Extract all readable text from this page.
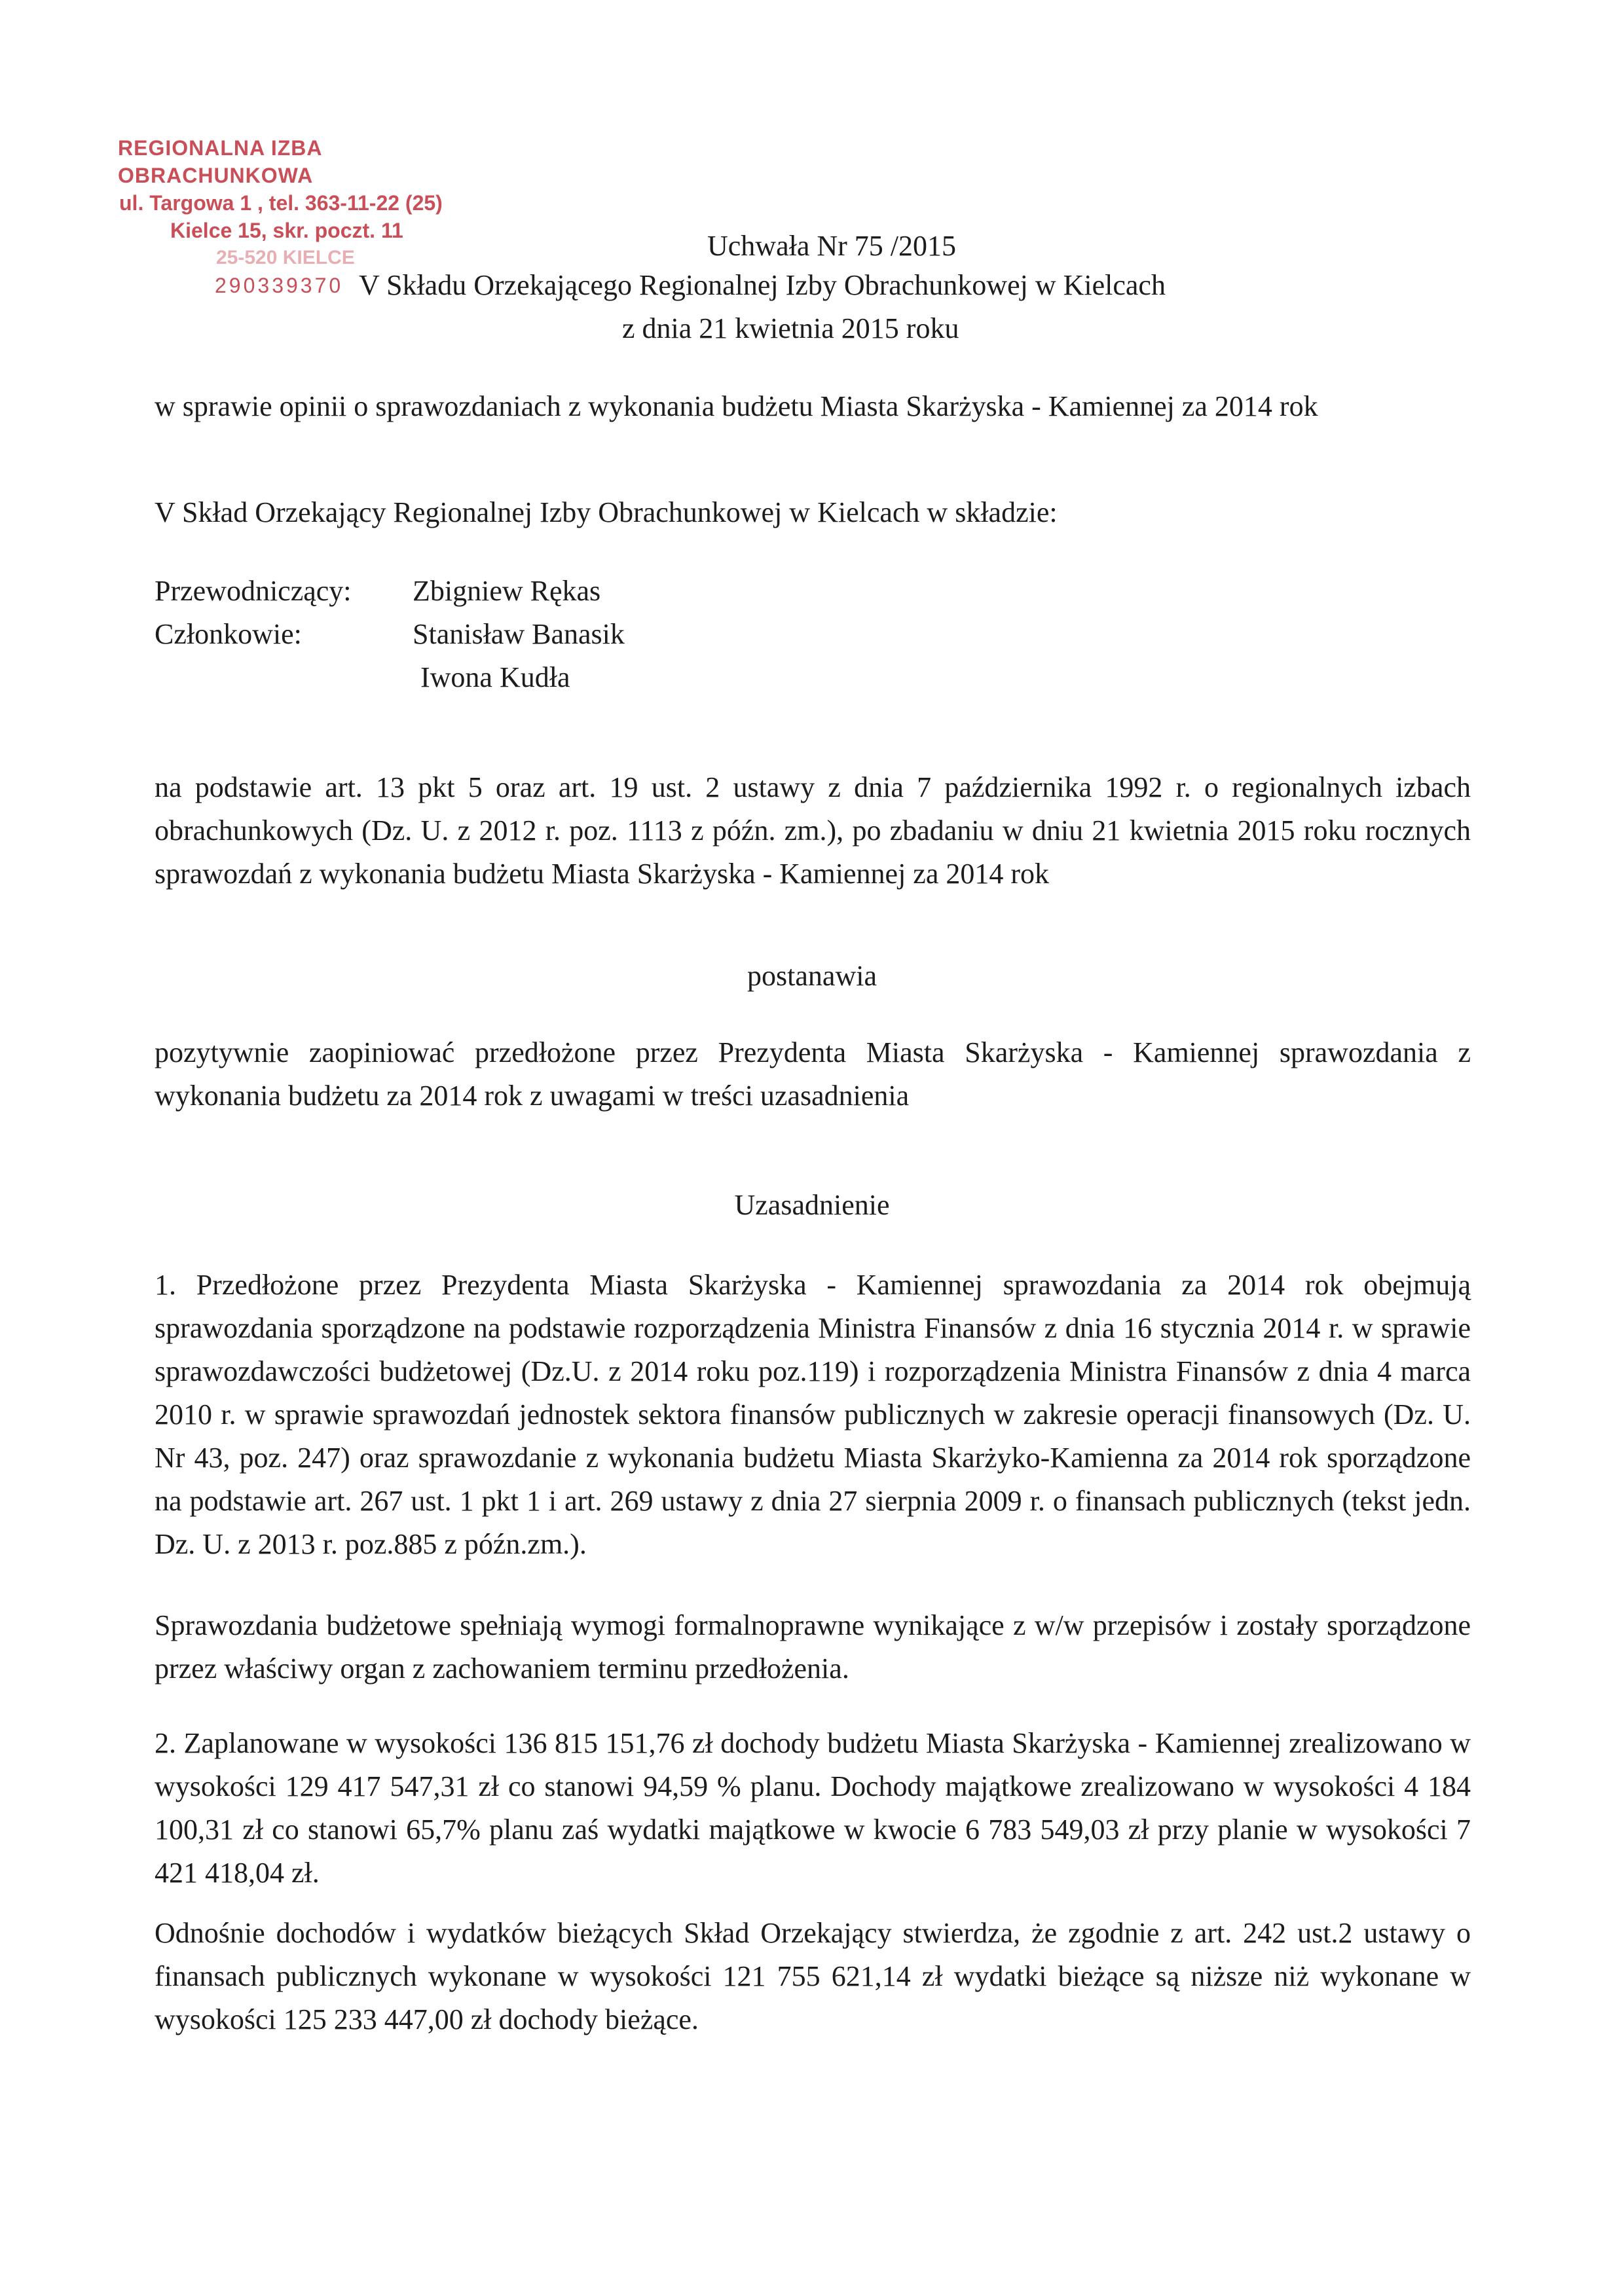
REGIONALNA IZBA OBRACHUNKOWA
ul. Targowa 1 , tel. 363-11-22 (25)
Kielce 15, skr. poczt. 11
25-520 KIELCE
290339370
Uchwała Nr 75 /2015
V Składu Orzekającego Regionalnej Izby Obrachunkowej w Kielcach
z dnia 21 kwietnia 2015 roku
w sprawie opinii o sprawozdaniach z wykonania budżetu Miasta Skarżyska - Kamiennej za 2014 rok
V Skład Orzekający Regionalnej Izby Obrachunkowej w Kielcach w składzie:
Przewodniczący:	Zbigniew Rękas
Członkowie:	Stanisław Banasik
Iwona Kudła
na podstawie art. 13 pkt 5 oraz art. 19 ust. 2 ustawy z dnia 7 października 1992 r. o regionalnych izbach obrachunkowych (Dz. U. z 2012 r. poz. 1113 z późn. zm.), po zbadaniu w dniu 21 kwietnia 2015 roku rocznych sprawozdań z wykonania budżetu Miasta Skarżyska - Kamiennej za 2014 rok
postanawia
pozytywnie zaopiniować przedłożone przez Prezydenta Miasta Skarżyska - Kamiennej sprawozdania z wykonania budżetu za 2014 rok z uwagami w treści uzasadnienia
Uzasadnienie
1. Przedłożone przez Prezydenta Miasta Skarżyska - Kamiennej sprawozdania za 2014 rok obejmują sprawozdania sporządzone na podstawie rozporządzenia Ministra Finansów z dnia 16 stycznia 2014 r. w sprawie sprawozdawczości budżetowej (Dz.U. z 2014 roku poz.119) i rozporządzenia Ministra Finansów z dnia 4 marca 2010 r. w sprawie sprawozdań jednostek sektora finansów publicznych w zakresie operacji finansowych (Dz. U. Nr 43, poz. 247) oraz sprawozdanie z wykonania budżetu Miasta Skarżyko-Kamienna za 2014 rok sporządzone na podstawie art. 267 ust. 1 pkt 1 i art. 269 ustawy z dnia 27 sierpnia 2009 r. o finansach publicznych (tekst jedn. Dz. U. z 2013 r. poz.885 z późn.zm.).
Sprawozdania budżetowe spełniają wymogi formalnoprawne wynikające z w/w przepisów i zostały sporządzone przez właściwy organ z zachowaniem terminu przedłożenia.
2. Zaplanowane w wysokości 136 815 151,76 zł dochody budżetu Miasta Skarżyska - Kamiennej zrealizowano w wysokości 129 417 547,31 zł co stanowi 94,59 % planu. Dochody majątkowe zrealizowano w wysokości 4 184 100,31 zł co stanowi 65,7% planu zaś wydatki majątkowe w kwocie 6 783 549,03 zł przy planie w wysokości 7 421 418,04 zł.
Odnośnie dochodów i wydatków bieżących Skład Orzekający stwierdza, że zgodnie z art. 242 ust.2 ustawy o finansach publicznych wykonane w wysokości 121 755 621,14 zł wydatki bieżące są niższe niż wykonane w wysokości 125 233 447,00 zł dochody bieżące.
